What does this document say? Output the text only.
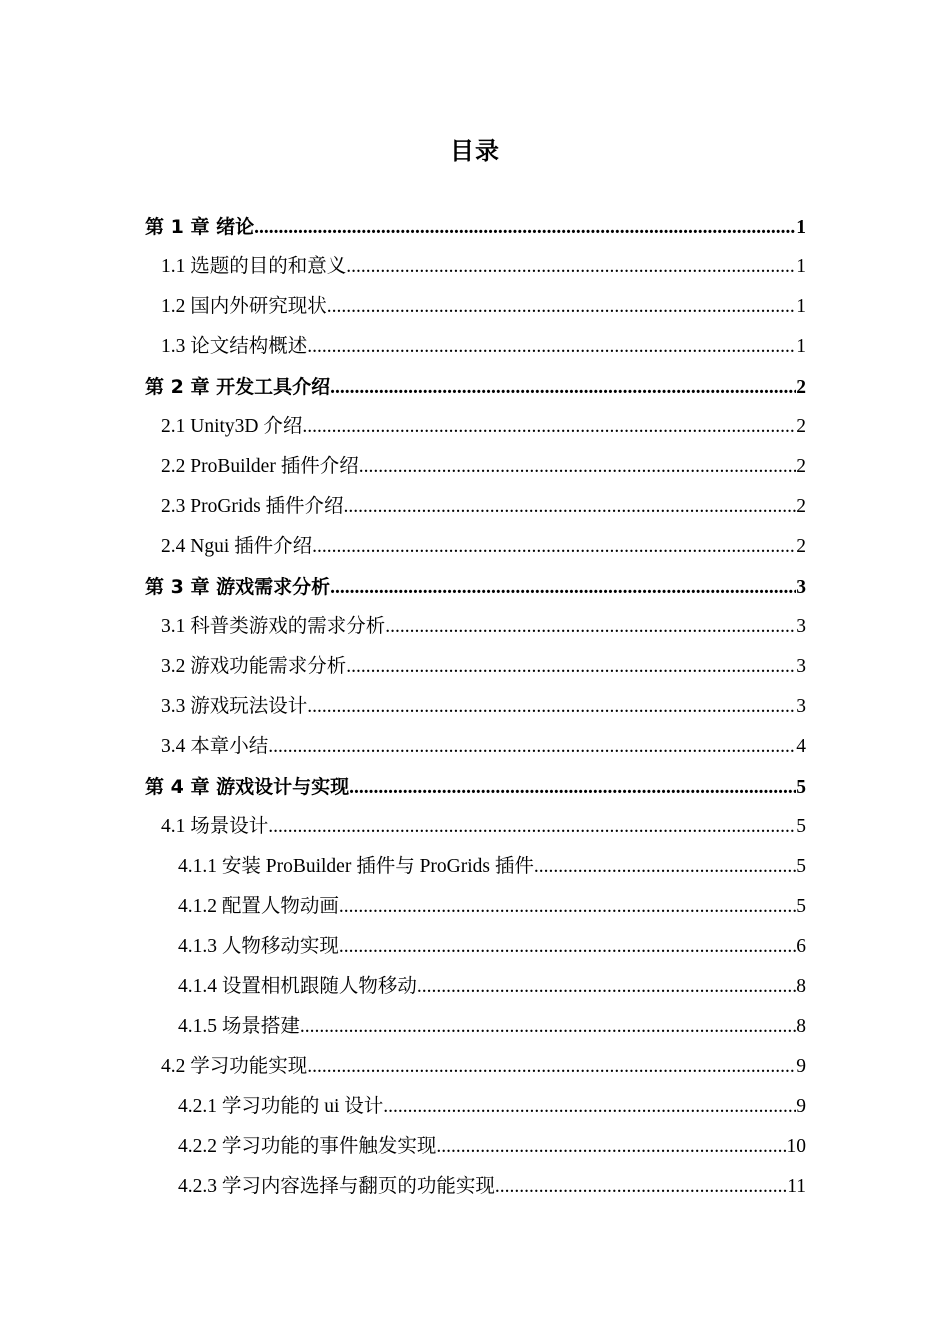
目录
第 1 章 绪论 .....	1
1.1 选题的目的和意义 .....	1
1.2 国内外研究现状 .....	1
1.3 论文结构概述 .....	1
第 2 章 开发工具介绍 .....	2
2.1 Unity3D 介绍 .....	2
2.2 ProBuilder 插件介绍 .....	2
2.3 ProGrids 插件介绍 .....	2
2.4 Ngui 插件介绍 .....	2
第 3 章 游戏需求分析 .....	3
3.1 科普类游戏的需求分析 .....	3
3.2 游戏功能需求分析 .....	3
3.3 游戏玩法设计 .....	3
3.4 本章小结 .....	4
第 4 章 游戏设计与实现 .....	5
4.1 场景设计 .....	5
4.1.1 安装 ProBuilder 插件与 ProGrids 插件 .....	5
4.1.2 配置人物动画 .....	5
4.1.3 人物移动实现 .....	6
4.1.4 设置相机跟随人物移动 .....	8
4.1.5 场景搭建 .....	8
4.2 学习功能实现 .....	9
4.2.1 学习功能的 ui 设计 .....	9
4.2.2 学习功能的事件触发实现 .....	10
4.2.3 学习内容选择与翻页的功能实现 .....	11
